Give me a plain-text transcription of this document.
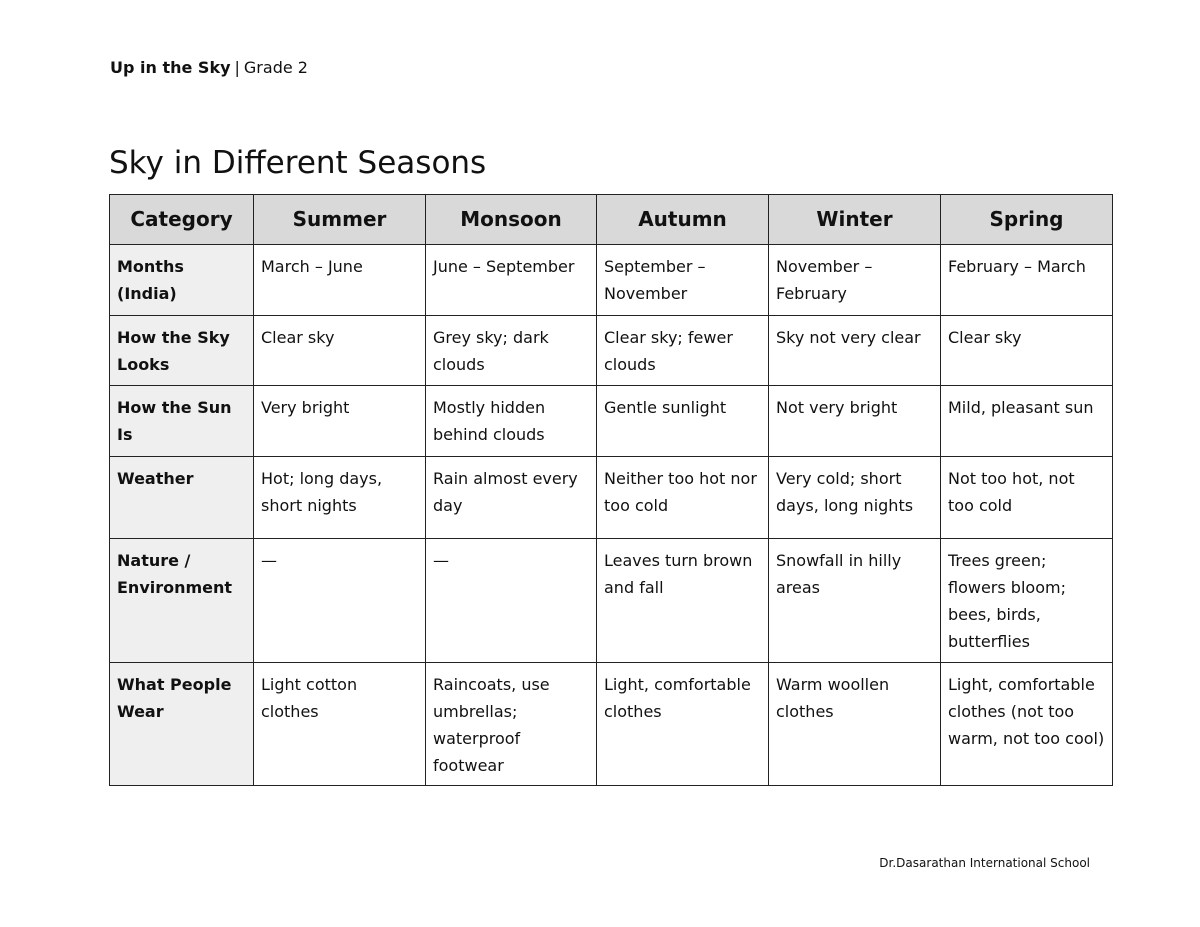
Up in the Sky | Grade 2
Sky in Different Seasons
Category	Summer	Monsoon	Autumn	Winter	Spring
Months (India)	March – June	June – September	September – November	November – February	February – March
How the Sky Looks	Clear sky	Grey sky; dark clouds	Clear sky; fewer clouds	Sky not very clear	Clear sky
How the Sun Is	Very bright	Mostly hidden behind clouds	Gentle sunlight	Not very bright	Mild, pleasant sun
Weather	Hot; long days, short nights	Rain almost every day	Neither too hot nor too cold	Very cold; short days, long nights	Not too hot, not too cold
Nature / Environment	—	—	Leaves turn brown and fall	Snowfall in hilly areas	Trees green; flowers bloom; bees, birds, butterflies
What People Wear	Light cotton clothes	Raincoats, use umbrellas; waterproof footwear	Light, comfortable clothes	Warm woollen clothes	Light, comfortable clothes (not too warm, not too cool)
Dr.Dasarathan International School
